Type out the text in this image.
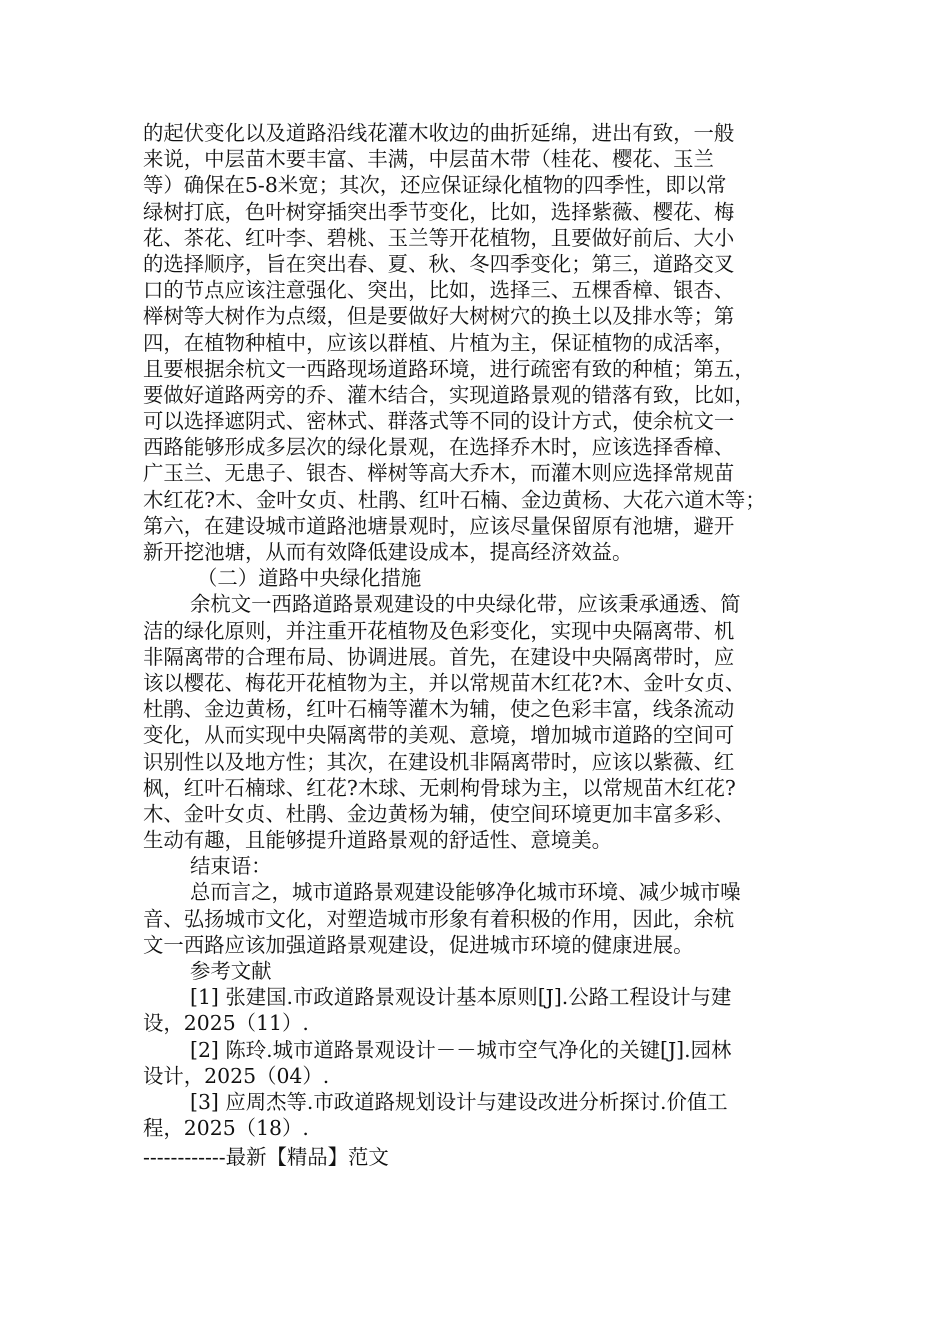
的起伏变化以及道路沿线花灌木收边的曲折延绵，进出有致，一般
来说，中层苗木要丰富、丰满，中层苗木带（桂花、樱花、玉兰
等）确保在5-8米宽；其次，还应保证绿化植物的四季性，即以常
绿树打底，色叶树穿插突出季节变化，比如，选择紫薇、樱花、梅
花、茶花、红叶李、碧桃、玉兰等开花植物，且要做好前后、大小
的选择顺序，旨在突出春、夏、秋、冬四季变化；第三，道路交叉
口的节点应该注意强化、突出，比如，选择三、五棵香樟、银杏、
榉树等大树作为点缀，但是要做好大树树穴的换土以及排水等；第
四，在植物种植中，应该以群植、片植为主，保证植物的成活率，
且要根据余杭文一西路现场道路环境，进行疏密有致的种植；第五，
要做好道路两旁的乔、灌木结合，实现道路景观的错落有致，比如，
可以选择遮阴式、密林式、群落式等不同的设计方式，使余杭文一
西路能够形成多层次的绿化景观，在选择乔木时，应该选择香樟、
广玉兰、无患子、银杏、榉树等高大乔木，而灌木则应选择常规苗
木红花?木、金叶女贞、杜鹃、红叶石楠、金边黄杨、大花六道木等；
第六，在建设城市道路池塘景观时，应该尽量保留原有池塘，避开
新开挖池塘，从而有效降低建设成本，提高经济效益。
（二）道路中央绿化措施
余杭文一西路道路景观建设的中央绿化带，应该秉承通透、简
洁的绿化原则，并注重开花植物及色彩变化，实现中央隔离带、机
非隔离带的合理布局、协调进展。首先，在建设中央隔离带时，应
该以樱花、梅花开花植物为主，并以常规苗木红花?木、金叶女贞、
杜鹃、金边黄杨，红叶石楠等灌木为辅，使之色彩丰富，线条流动
变化，从而实现中央隔离带的美观、意境，增加城市道路的空间可
识别性以及地方性；其次，在建设机非隔离带时，应该以紫薇、红
枫，红叶石楠球、红花?木球、无刺枸骨球为主，以常规苗木红花?
木、金叶女贞、杜鹃、金边黄杨为辅，使空间环境更加丰富多彩、
生动有趣，且能够提升道路景观的舒适性、意境美。
结束语：
总而言之，城市道路景观建设能够净化城市环境、减少城市噪
音、弘扬城市文化，对塑造城市形象有着积极的作用，因此，余杭
文一西路应该加强道路景观建设，促进城市环境的健康进展。
参考文献
[1] 张建国.市政道路景观设计基本原则[J].公路工程设计与建
设，2025（11）.
[2] 陈玲.城市道路景观设计－－城市空气净化的关键[J].园林
设计，2025（04）.
[3] 应周杰等.市政道路规划设计与建设改进分析探讨.价值工
程，2025（18）.
------------最新【精品】范文
